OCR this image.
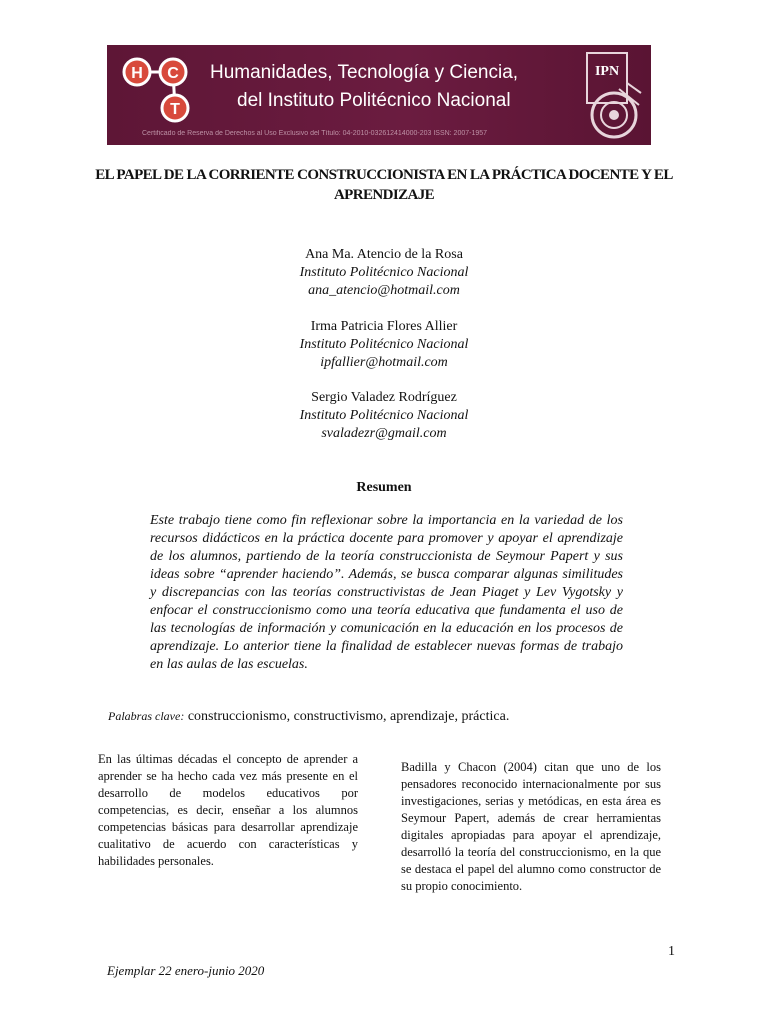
H C
T
Humanidades, Tecnología y Ciencia,
del Instituto Politécnico Nacional
Certificado de Reserva de Derechos al Uso Exclusivo del Título: 04-2010-032612414000-203 ISSN: 2007-1957
IPN
EL PAPEL DE LA CORRIENTE CONSTRUCCIONISTA EN LA PRÁCTICA DOCENTE Y EL APRENDIZAJE
Ana Ma. Atencio de la Rosa
Instituto Politécnico Nacional
ana_atencio@hotmail.com
Irma Patricia Flores Allier
Instituto Politécnico Nacional
ipfallier@hotmail.com
Sergio Valadez Rodríguez
Instituto Politécnico Nacional
svaladezr@gmail.com
Resumen
Este trabajo tiene como fin reflexionar sobre la importancia en la variedad de los recursos didácticos en la práctica docente para promover y apoyar el aprendizaje de los alumnos, partiendo de la teoría construccionista de Seymour Papert y sus ideas sobre “aprender haciendo”. Además, se busca comparar algunas similitudes y discrepancias con las teorías constructivistas de Jean Piaget y Lev Vygotsky y enfocar el construccionismo como una teoría educativa que fundamenta el uso de las tecnologías de información y comunicación en la educación en los procesos de aprendizaje. Lo anterior tiene la finalidad de establecer nuevas formas de trabajo en las aulas de las escuelas.
Palabras clave: construccionismo, constructivismo, aprendizaje, práctica.
En las últimas décadas el concepto de aprender a aprender se ha hecho cada vez más presente en el desarrollo de modelos educativos por competencias, es decir, enseñar a los alumnos competencias básicas para desarrollar aprendizaje cualitativo de acuerdo con características y habilidades personales.
Badilla y Chacon (2004) citan que uno de los pensadores reconocido internacionalmente por sus investigaciones, serias y metódicas, en esta área es Seymour Papert, además de crear herramientas digitales apropiadas para apoyar el aprendizaje, desarrolló la teoría del construccionismo, en la que se destaca el papel del alumno como constructor de su propio conocimiento.
1
Ejemplar 22 enero-junio 2020
